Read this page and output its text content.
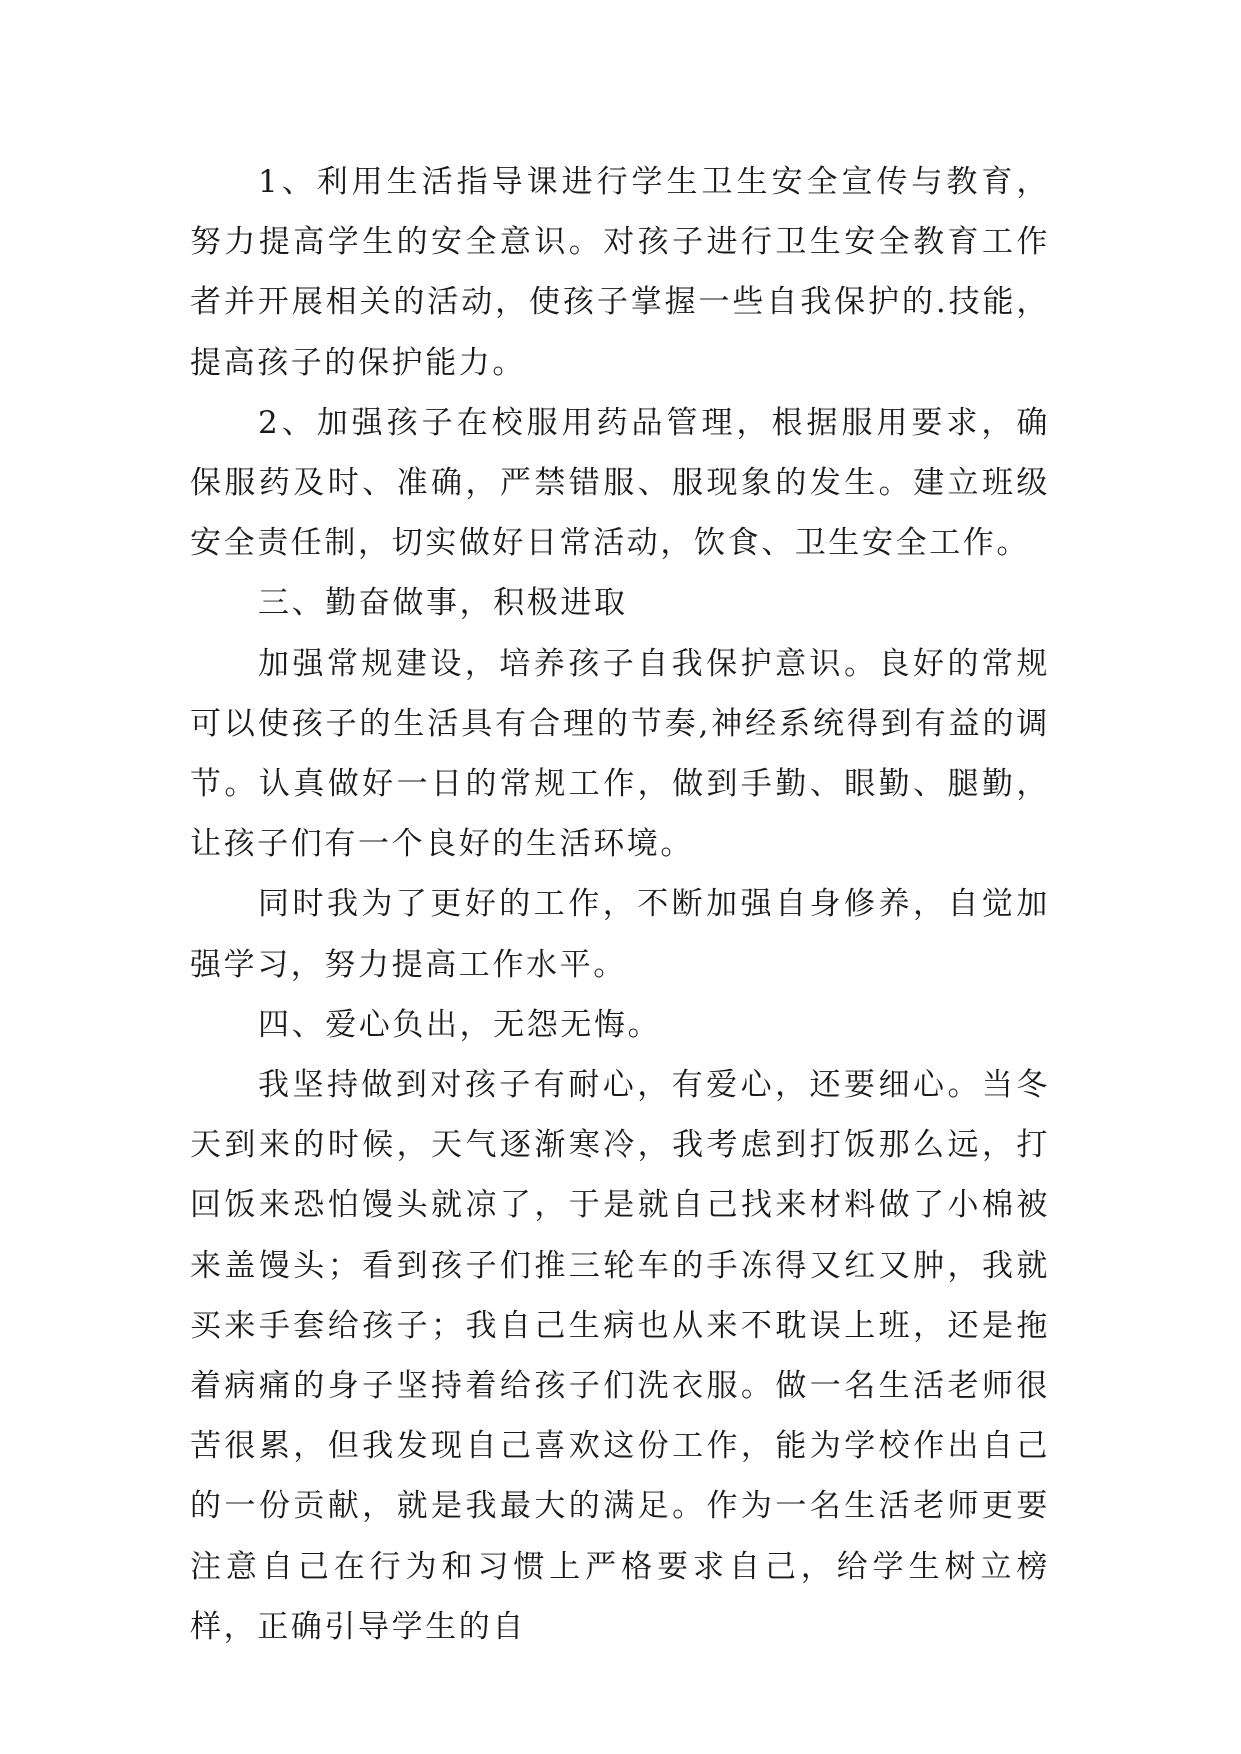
1、利用生活指导课进行学生卫生安全宣传与教育，努力提高学生的安全意识。对孩子进行卫生安全教育工作者并开展相关的活动，使孩子掌握一些自我保护的.技能，提高孩子的保护能力。

2、加强孩子在校服用药品管理，根据服用要求，确保服药及时、准确，严禁错服、服现象的发生。建立班级安全责任制，切实做好日常活动，饮食、卫生安全工作。

三、勤奋做事，积极进取

加强常规建设，培养孩子自我保护意识。良好的常规可以使孩子的生活具有合理的节奏,神经系统得到有益的调节。认真做好一日的常规工作，做到手勤、眼勤、腿勤，让孩子们有一个良好的生活环境。

同时我为了更好的工作，不断加强自身修养，自觉加强学习，努力提高工作水平。

四、爱心负出，无怨无悔。

我坚持做到对孩子有耐心，有爱心，还要细心。当冬天到来的时候，天气逐渐寒冷，我考虑到打饭那么远，打回饭来恐怕馒头就凉了，于是就自己找来材料做了小棉被来盖馒头；看到孩子们推三轮车的手冻得又红又肿，我就买来手套给孩子；我自己生病也从来不耽误上班，还是拖着病痛的身子坚持着给孩子们洗衣服。做一名生活老师很苦很累，但我发现自己喜欢这份工作，能为学校作出自己的一份贡献，就是我最大的满足。作为一名生活老师更要注意自己在行为和习惯上严格要求自己，给学生树立榜样，正确引导学生的自
